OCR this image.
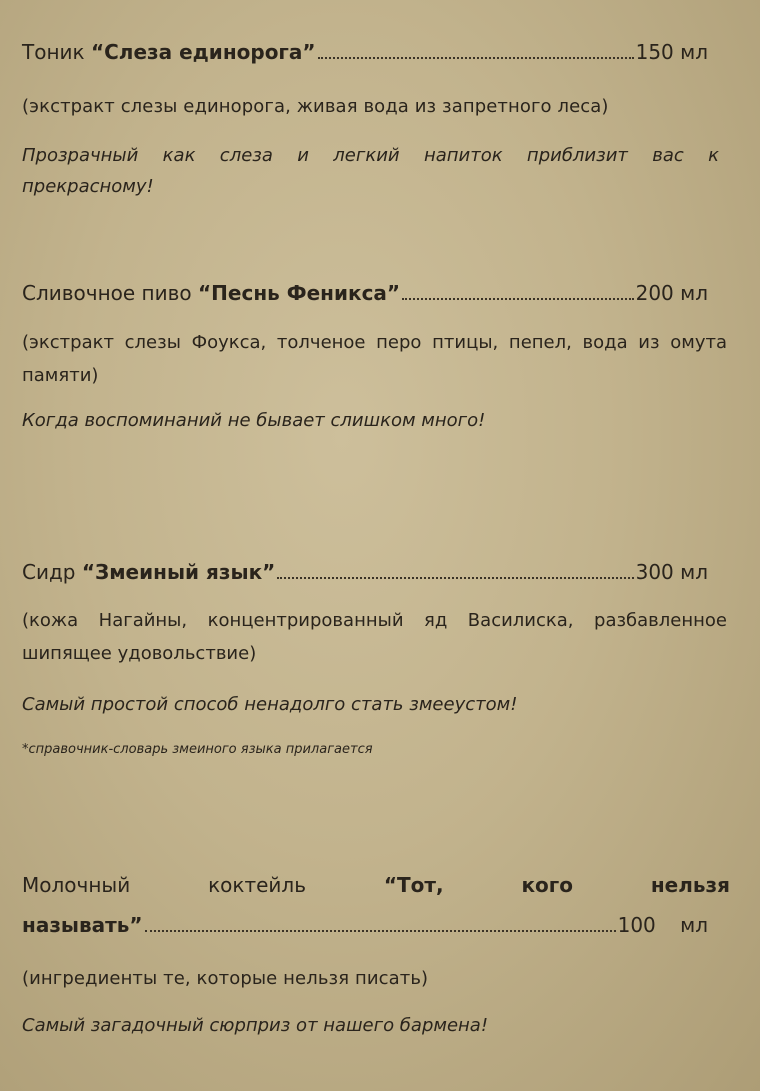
Тоник
“Слеза единорога”	150 мл
(экстракт слезы единорога, живая вода из запретного леса)
Прозрачный как слеза и легкий напиток приблизит вас к прекрасному!
Сливочное пиво
“Песнь Феникса”	200 мл
(экстракт слезы Фоукса, толченое перо птицы, пепел, вода из омута памяти)
Когда воспоминаний не бывает слишком много!
Сидр
“Змеиный язык”	300 мл
(кожа Нагайны, концентрированный яд Василиска, разбавленное шипящее удовольствие)
Самый простой способ ненадолго стать змееустом!
*справочник-словарь змеиного языка прилагается
Молочный	коктейль	“Тот,	кого	нельзя
называть”	100 мл
(ингредиенты те, которые нельзя писать)
Самый загадочный сюрприз от нашего бармена!
